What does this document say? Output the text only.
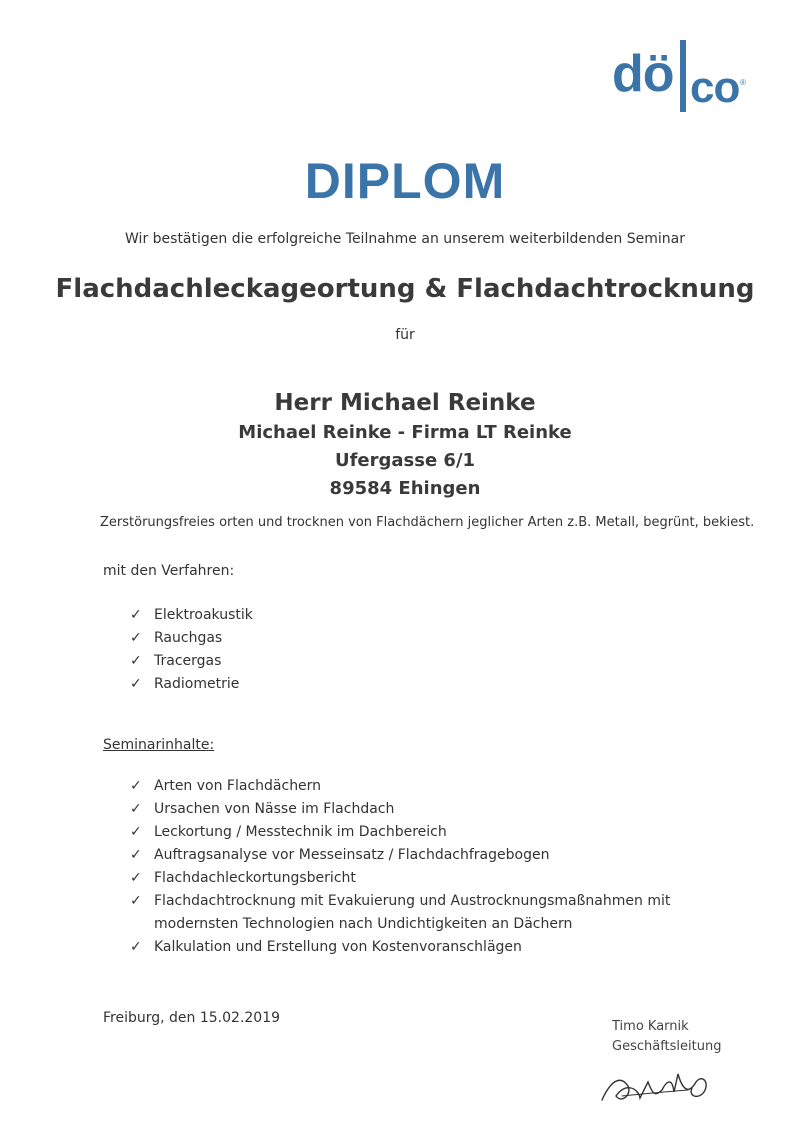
dö co ®
DIPLOM
Wir bestätigen die erfolgreiche Teilnahme an unserem weiterbildenden Seminar
Flachdachleckageortung & Flachdachtrocknung
für
Herr Michael Reinke
Michael Reinke - Firma LT Reinke
Ufergasse 6/1
89584 Ehingen
Zerstörungsfreies orten und trocknen von Flachdächern jeglicher Arten z.B. Metall, begrünt, bekiest.
mit den Verfahren:
✓ Elektroakustik
✓ Rauchgas
✓ Tracergas
✓ Radiometrie
Seminarinhalte:
✓ Arten von Flachdächern
✓ Ursachen von Nässe im Flachdach
✓ Leckortung / Messtechnik im Dachbereich
✓ Auftragsanalyse vor Messeinsatz / Flachdachfragebogen
✓ Flachdachleckortungsbericht
✓ Flachdachtrocknung mit Evakuierung und Austrocknungsmaßnahmen mit modernsten Technologien nach Undichtigkeiten an Dächern
✓ Kalkulation und Erstellung von Kostenvoranschlägen
Freiburg, den 15.02.2019
Timo Karnik
Geschäftsleitung
